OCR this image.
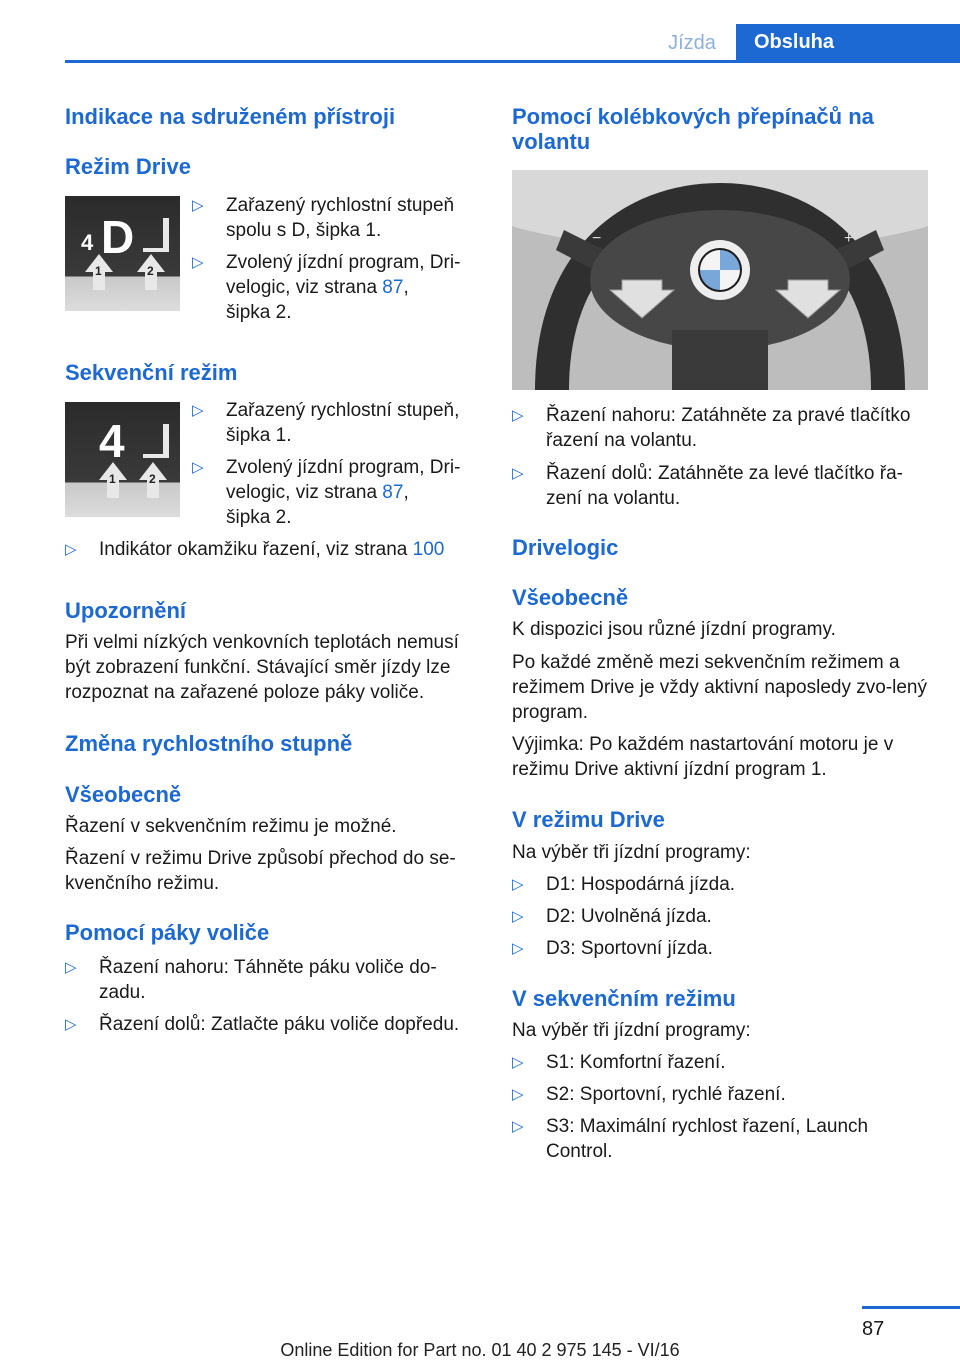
Jízda	Obsluha
Indikace na sdruženém přístroji
Režim Drive
4 D
1	2
▷ Zařazený rychlostní stupeň spolu s D, šipka 1.
▷ Zvolený jízdní program, Dri-
velogic, viz strana 87,
šipka 2.
Sekvenční režim
4
1	2
▷ Zařazený rychlostní stupeň, šipka 1.
▷ Zvolený jízdní program, Dri-
velogic, viz strana 87,
šipka 2.
▷ Indikátor okamžiku řazení, viz strana 100
Upozornění

Při velmi nízkých venkovních teplotách nemusí být zobrazení funkční. Stávající směr jízdy lze rozpoznat na zařazené poloze páky voliče.

Změna rychlostního stupně
Všeobecně

Řazení v sekvenčním režimu je možné.

Řazení v režimu Drive způsobí přechod do se-kvenčního režimu.

Pomocí páky voliče
▷ Řazení nahoru: Táhněte páku voliče do-zadu.
▷ Řazení dolů: Zatlačte páku voliče dopředu.
Pomocí kolébkových přepínačů na volantu
−	+
▷ Řazení nahoru: Zatáhněte za pravé tlačítko řazení na volantu.
▷ Řazení dolů: Zatáhněte za levé tlačítko řa-zení na volantu.
Drivelogic
Všeobecně

K dispozici jsou různé jízdní programy.

Po každé změně mezi sekvenčním režimem a režimem Drive je vždy aktivní naposledy zvo-lený program.

Výjimka: Po každém nastartování motoru je v režimu Drive aktivní jízdní program 1.

V režimu Drive

Na výběr tři jízdní programy:

▷ D1: Hospodárná jízda.
▷ D2: Uvolněná jízda.
▷ D3: Sportovní jízda.
V sekvenčním režimu

Na výběr tři jízdní programy:

▷ S1: Komfortní řazení.
▷ S2: Sportovní, rychlé řazení.
▷ S3: Maximální rychlost řazení, Launch Control.
87
Online Edition for Part no. 01 40 2 975 145 - VI/16
